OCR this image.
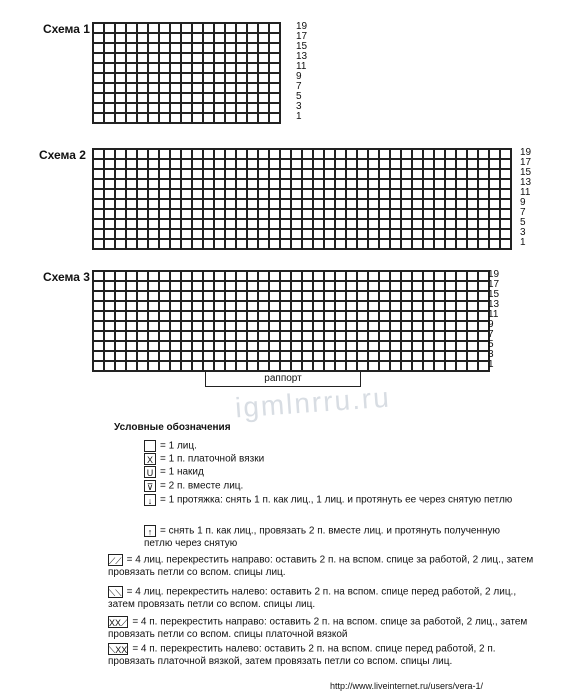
Схема 1	19
17
15
13
11
9
7
5
3
1
Схема 2	19
17
15
13
11
9
7
5
3
1
Схема 3	19
17
15
13
11
9
7
5
3
1
раппорт
igmlnrru.ru
Условные обозначения
= 1 лиц.
X = 1 п. платочной вязки
U = 1 накид
⊽ = 2 п. вместе лиц.
↓ = 1 протяжка: снять 1 п. как лиц., 1 лиц. и протянуть ее через снятую петлю
↑ = снять 1 п. как лиц., провязать 2 п. вместе лиц. и протянуть полученную петлю через снятую
⟋⟋ = 4 лиц. перекрестить направо: оставить 2 п. на вспом. спице за работой, 2 лиц., затем провязать петли со вспом. спицы лиц.
⟍⟍ = 4 лиц. перекрестить налево: оставить 2 п. на вспом. спице перед работой, 2 лиц., затем провязать петли со вспом. спицы лиц.
XX⟋ = 4 п. перекрестить направо: оставить 2 п. на вспом. спице за работой, 2 лиц., затем провязать петли со вспом. спицы платочной вязкой
⟍XX = 4 п. перекрестить налево: оставить 2 п. на вспом. спице перед работой, 2 п. провязать платочной вязкой, затем провязать петли со вспом. спицы лиц.
http://www.liveinternet.ru/users/vera-1/
